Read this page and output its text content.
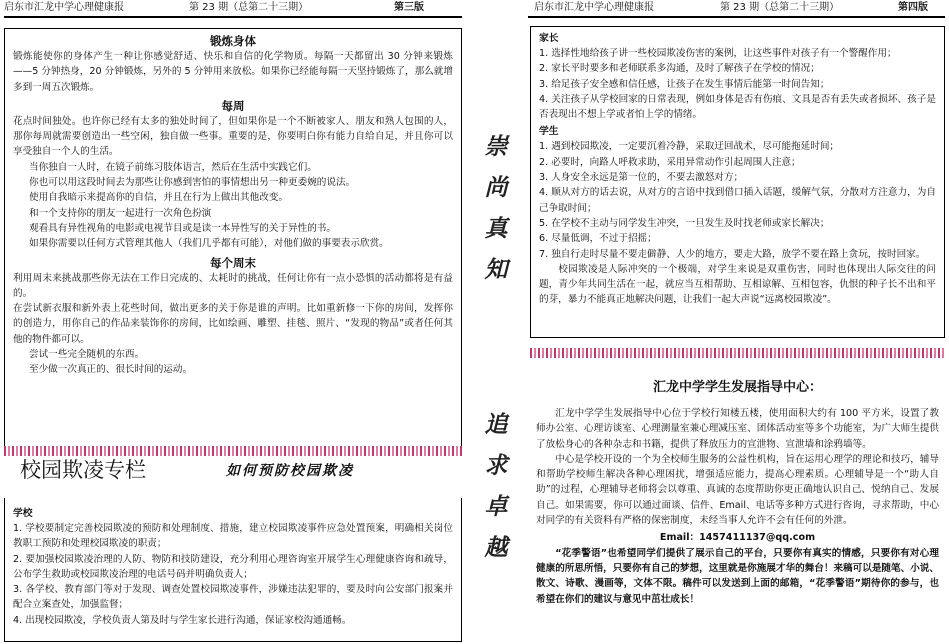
启东市汇龙中学心理健康报	第 23 期（总第二十三期）	第三版	启东市汇龙中学心理健康报	第 23 期（总第二十三期）	第四版

锻炼身体

锻炼能使你的身体产生一种让你感觉舒适、快乐和自信的化学物质。每隔一天都留出 30 分钟来锻炼——5 分钟热身，20 分钟锻炼，另外的 5 分钟用来放松。如果你已经能每隔一天坚持锻炼了，那么就增多到一周五次锻炼。

每周

花点时间独处。也许你已经有太多的独处时间了，但如果你是一个不断被家人、朋友和熟人包围的人，那你每周就需要创造出一些空闲，独自做一些事。重要的是，你要明白你有能力自给自足，并且你可以享受独自一个人的生活。

当你独自一人时，在镜子前练习肢体语言，然后在生活中实践它们。

你也可以用这段时间去为那些让你感到害怕的事情想出另一种更委婉的说法。

使用自我暗示来提高你的自信，并且在行为上做出其他改变。

和一个支持你的朋友一起进行一次角色扮演

观看具有异性视角的电影或电视节目或是读一本异性写的关于异性的书。

如果你需要以任何方式管理其他人（我们几乎都有可能），对他们做的事要表示欣赏。

每个周末

利用周末来挑战那些你无法在工作日完成的、太耗时的挑战，任何让你有一点小恐惧的活动都将是有益的。

在尝试新衣服和新外表上花些时间，做出更多的关于你是谁的声明。比如重新修一下你的房间，发挥你的创造力，用你自己的作品来装饰你的房间，比如绘画、雕塑、挂毯、照片、“发现的物品”或者任何其他的物件都可以。

尝试一些完全随机的东西。

至少做一次真正的、很长时间的运动。

校园欺凌专栏	如何预防校园欺凌

学校

1. 学校要制定完善校园欺凌的预防和处理制度、措施，建立校园欺凌事件应急处置预案，明确相关岗位教职工预防和处理校园欺凌的职责；

2. 要加强校园欺凌治理的人防、物防和技防建设，充分利用心理咨询室开展学生心理健康咨询和疏导，公布学生救助或校园欺凌治理的电话号码并明确负责人；

3. 各学校、教育部门等对于发现、调查处置校园欺凌事件，涉嫌违法犯罪的，要及时向公安部门报案并配合立案查处，加强监督；

4. 出现校园欺凌，学校负责人第及时与学生家长进行沟通，保证家校沟通通畅。

崇
尚
真
知
追
求
卓
越

家长

1. 选择性地给孩子讲一些校园欺凌伤害的案例，让这些事件对孩子有一个警醒作用；

2. 家长平时要多和老师联系多沟通，及时了解孩子在学校的情况；

3. 给足孩子安全感和信任感，让孩子在发生事情后能第一时间告知；

4. 关注孩子从学校回家的日常表现，例如身体是否有伤痕、文具是否有丢失或者损坏、孩子是否表现出不想上学或者怕上学的情绪。

学生

1. 遇到校园欺凌，一定要沉着冷静，采取迂回战术，尽可能拖延时间；

2. 必要时，向路人呼救求助，采用异常动作引起周围人注意；

3. 人身安全永远是第一位的，不要去激怒对方；

4. 顺从对方的话去说，从对方的言语中找到借口插入话题，缓解气氛，分散对方注意力，为自己争取时间；

5. 在学校不主动与同学发生冲突，一旦发生及时找老师或家长解决；

6. 尽量低调，不过于招摇；

7. 独自行走时尽量不要走僻静、人少的地方，要走大路，放学不要在路上贪玩，按时回家。

校园欺凌是人际冲突的一个极端，对学生来说是双重伤害，同时也体现出人际交往的问题，青少年共同生活在一起，就应当互相帮助、互相谅解、互相包容，仇恨的种子长不出和平的芽，暴力不能真正地解决问题，让我们一起大声说“远离校园欺凌”。

汇龙中学学生发展指导中心：

汇龙中学学生发展指导中心位于学校行知楼五楼，使用面积大约有 100 平方米，设置了教师办公室、心理访谈室、心理测量室兼心理减压室、团体活动室等多个功能室，为广大师生提供了放松身心的各种杂志和书籍，提供了释放压力的宣泄物、宣泄墙和涂鸦墙等。

中心是学校开设的一个为全校师生服务的公益性机构，旨在运用心理学的理论和技巧，辅导和帮助学校师生解决各种心理困扰，增强适应能力，提高心理素质。心理辅导是一个“助人自助”的过程，心理辅导老师将会以尊重、真诚的态度帮助你更正确地认识自己、悦纳自己、发展自己。如果需要，你可以通过面谈、信件、Email、电话等多种方式进行咨询，寻求帮助，中心对同学的有关资料有严格的保密制度，未经当事人允许不会有任何的外泄。

Email：1457411137@qq.com

“花季警语”也希望同学们提供了展示自己的平台，只要你有真实的情感，只要你有对心理健康的所思所悟，只要你有自己的梦想，这里就是你施展才华的舞台！来稿可以是随笔、小说、散文、诗歌、漫画等，文体不限。稿件可以发送到上面的邮箱，“花季警语”期待你的参与，也希望在你们的建议与意见中茁壮成长！
